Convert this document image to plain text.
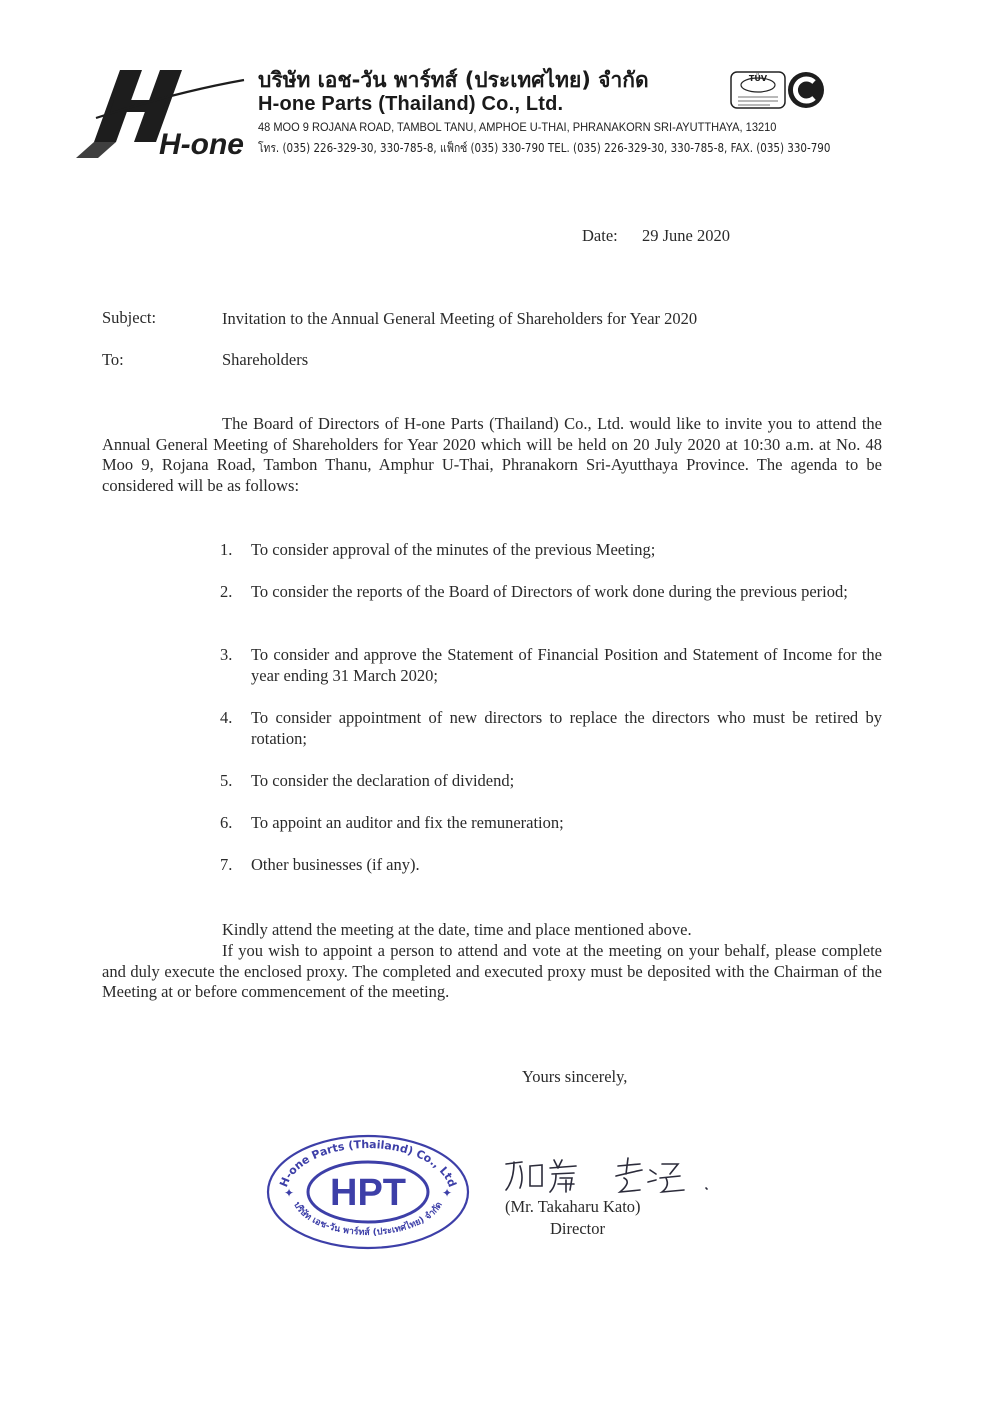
H-one
บริษัท เอช-วัน พาร์ทส์ (ประเทศไทย) จำกัด
H-one Parts (Thailand) Co., Ltd.
48 MOO 9 ROJANA ROAD, TAMBOL TANU, AMPHOE U-THAI, PHRANAKORN SRI-AYUTTHAYA, 13210
โทร. (035) 226-329-30, 330-785-8, แฟ็กซ์ (035) 330-790 TEL. (035) 226-329-30, 330-785-8, FAX. (035) 330-790
TÜV
Date: 29 June 2020
Subject:	Invitation to the Annual General Meeting of Shareholders for Year 2020
To:	Shareholders
The Board of Directors of H-one Parts (Thailand) Co., Ltd. would like to invite you to attend the Annual General Meeting of Shareholders for Year 2020 which will be held on 20 July 2020 at 10:30 a.m. at No. 48 Moo 9, Rojana Road, Tambon Thanu, Amphur U-Thai, Phranakorn Sri-Ayutthaya Province. The agenda to be considered will be as follows:
1.	To consider approval of the minutes of the previous Meeting;
2.	To consider the reports of the Board of Directors of work done during the previous period;
3.	To consider and approve the Statement of Financial Position and Statement of Income for the year ending 31 March 2020;
4.	To consider appointment of new directors to replace the directors who must be retired by rotation;
5.	To consider the declaration of dividend;
6.	To appoint an auditor and fix the remuneration;
7.	Other businesses (if any).
Kindly attend the meeting at the date, time and place mentioned above.
If you wish to appoint a person to attend and vote at the meeting on your behalf, please complete and duly execute the enclosed proxy. The completed and executed proxy must be deposited with the Chairman of the Meeting at or before commencement of the meeting.
Yours sincerely,
HPT
H-one Parts (Thailand) Co., Ltd
บริษัท เอช-วัน พาร์ทส์ (ประเทศไทย) จำกัด
✦	✦
(Mr. Takaharu Kato)
Director
